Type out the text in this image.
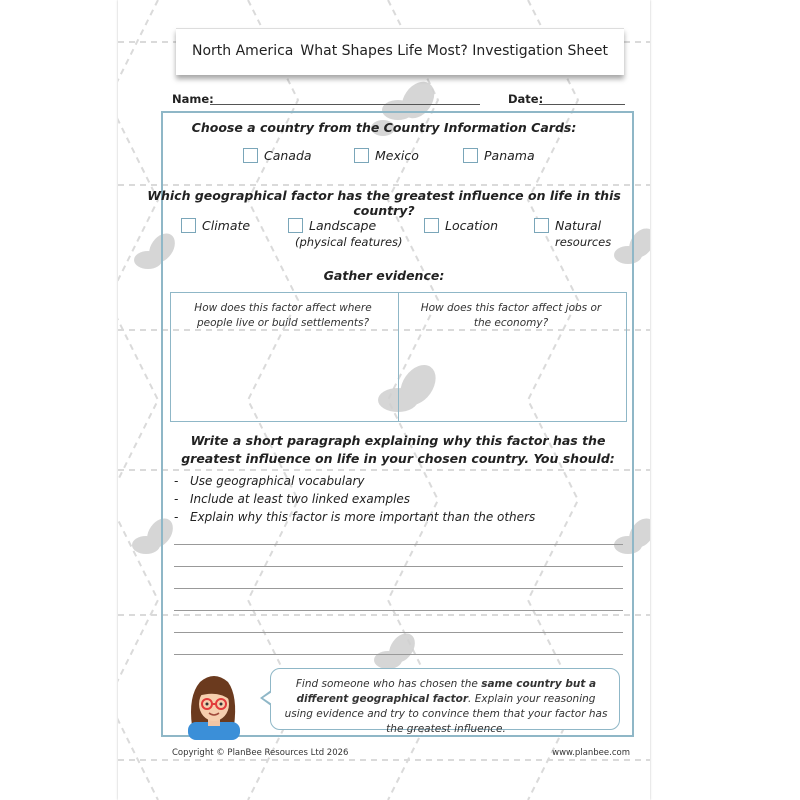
North America What Shapes Life Most? Investigation Sheet
Name:	Date:
Choose a country from the Country Information Cards:
Canada	Mexico	Panama
Which geographical factor has the greatest influence on life in this country?
Climate	Landscape
(physical features)
Location	Natural
resources
Gather evidence:
How does this factor affect where people live or build settlements?
How does this factor affect jobs or the economy?
Write a short paragraph explaining why this factor has the greatest influence on life in your chosen country. You should:
- Use geographical vocabulary
- Include at least two linked examples
- Explain why this factor is more important than the others
Find someone who has chosen the same country but a different geographical factor. Explain your reasoning using evidence and try to convince them that your factor has the greatest influence.
Copyright © PlanBee Resources Ltd 2026	www.planbee.com
